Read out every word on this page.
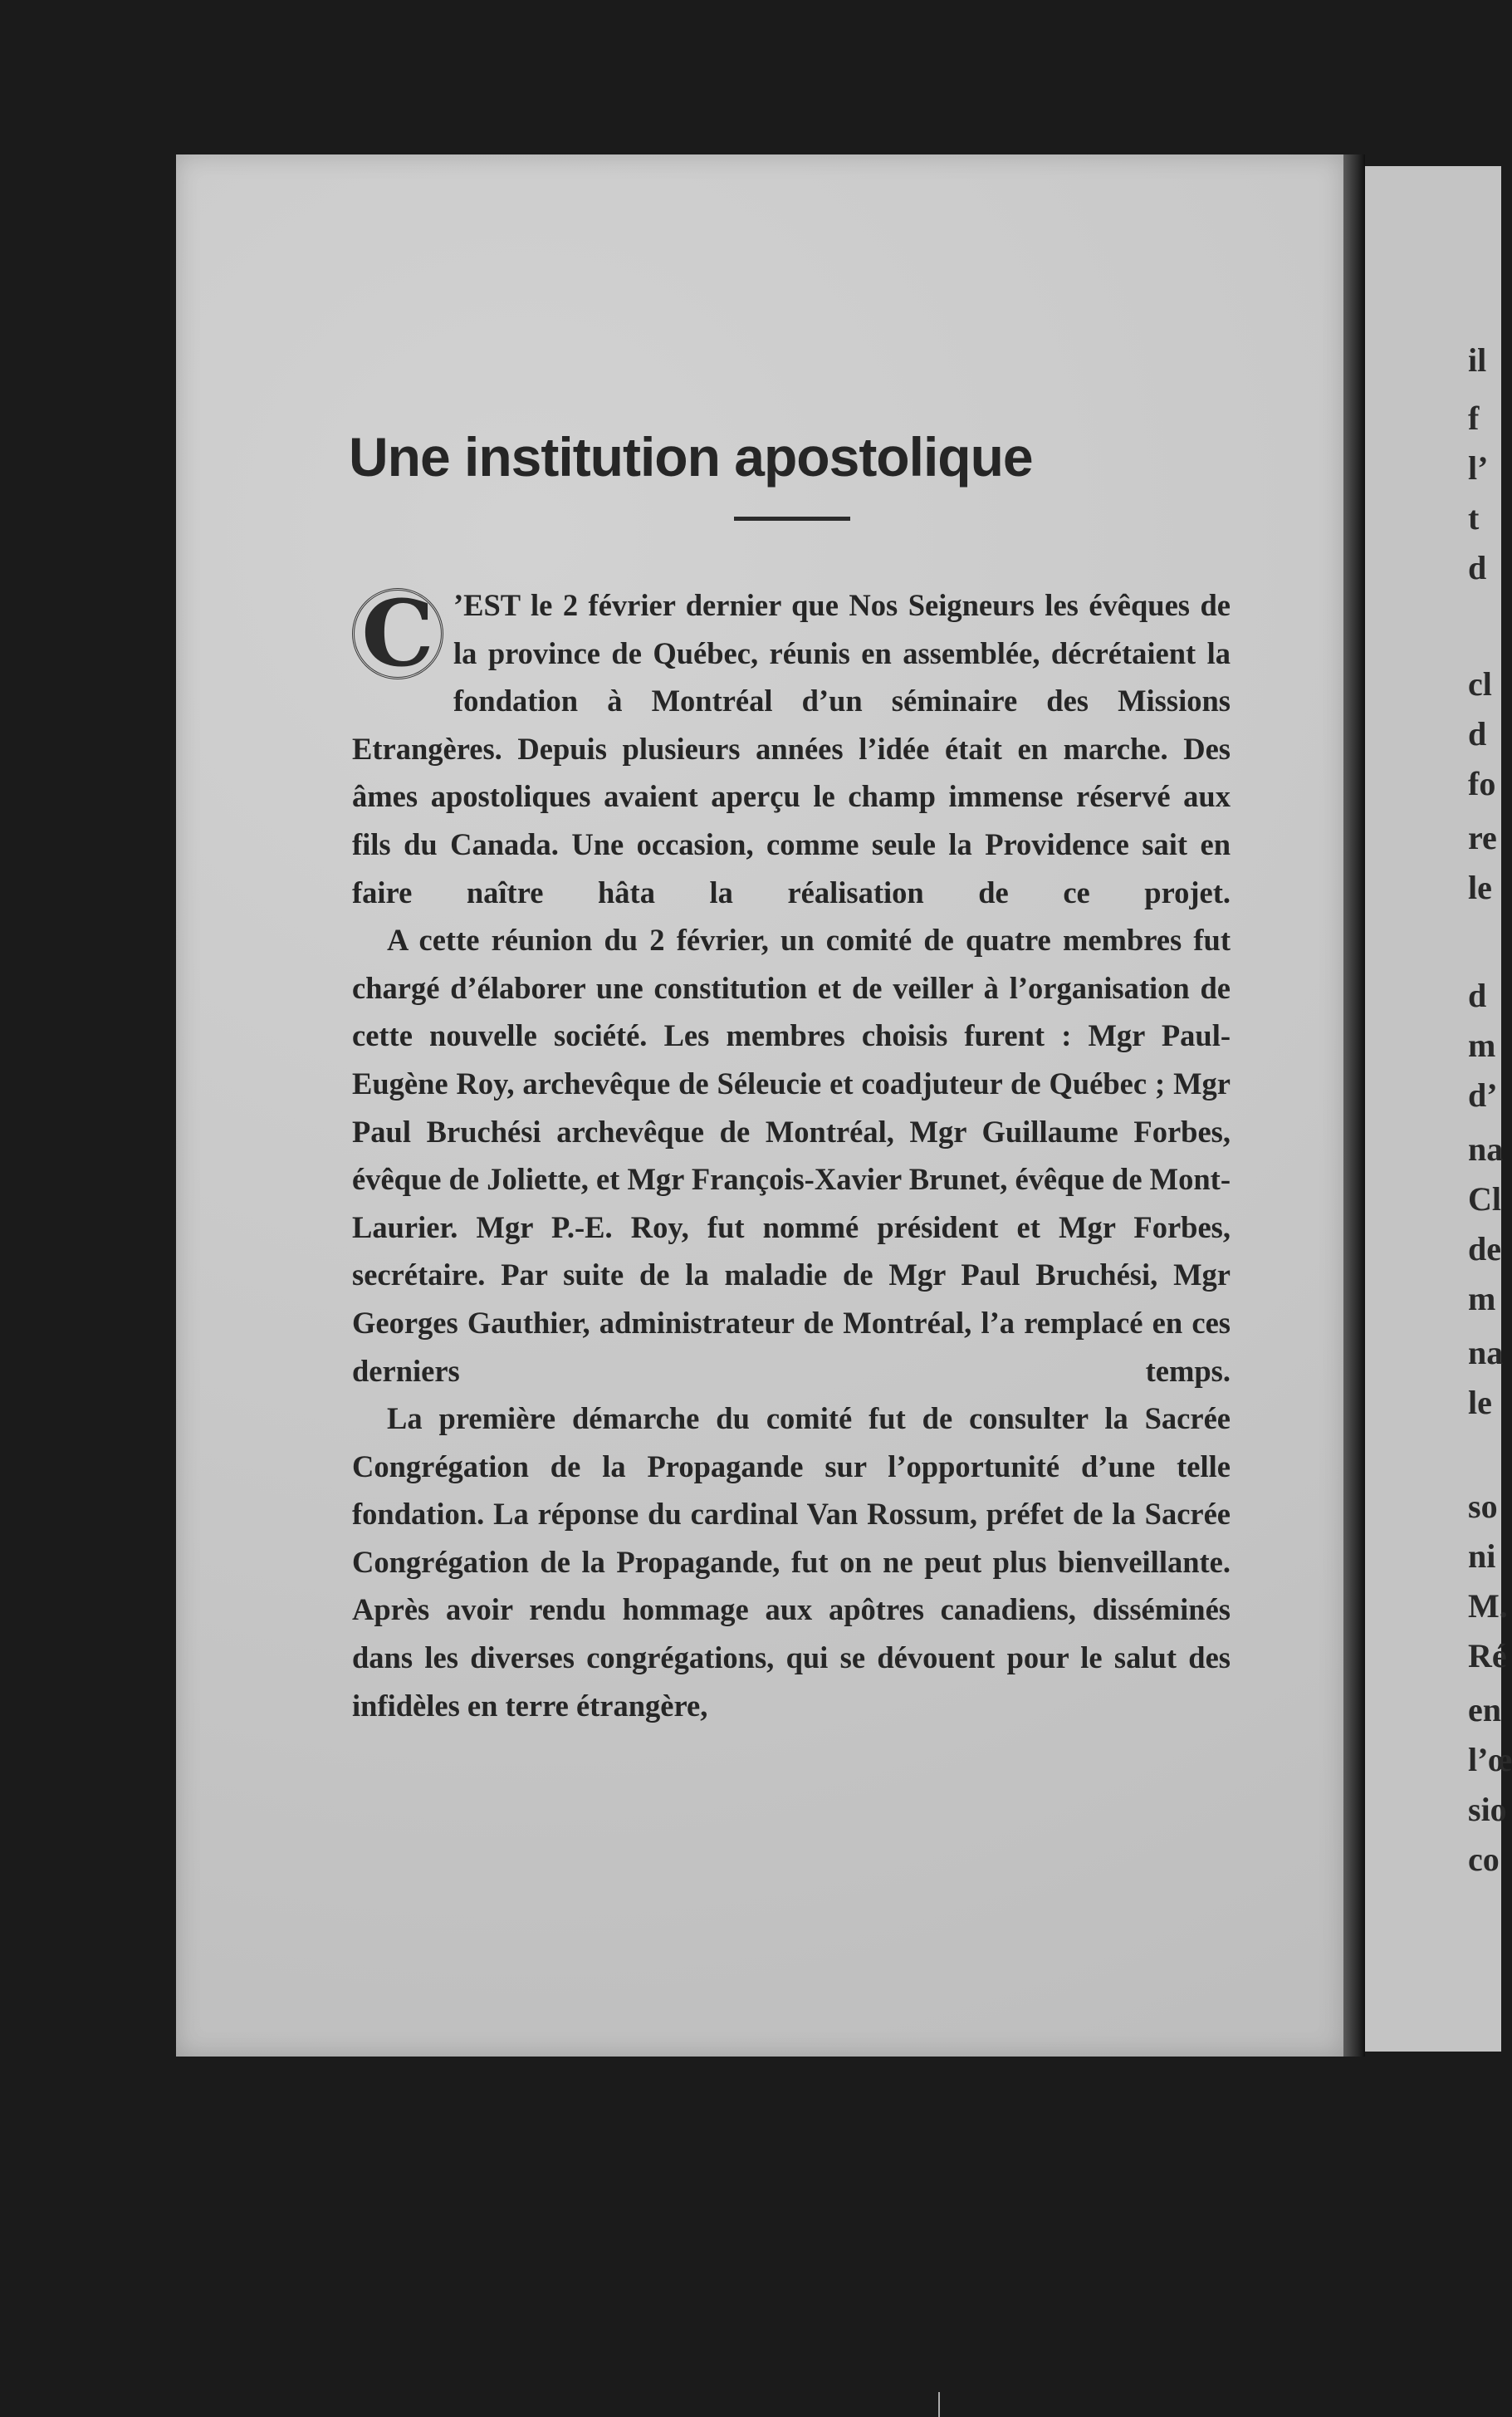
il
f
l’
t
d
cl
d
fo
re
le
d
m
d’
na
Cl
de
m
na
le
so
ni
M.
Ré
en
l’œ
sio
co
Une institution apostolique

C ’EST le 2 février dernier que Nos Seigneurs les évêques de la province de Québec, réunis en assemblée, décrétaient la fondation à Montréal d’un séminaire des Missions Etrangères. Depuis plusieurs années l’idée était en marche. Des âmes apostoliques avaient aperçu le champ immense réservé aux fils du Canada. Une occasion, comme seule la Providence sait en faire naître hâta la réalisation de ce projet.

A cette réunion du 2 février, un comité de quatre membres fut chargé d’élaborer une constitution et de veiller à l’organisation de cette nouvelle société. Les membres choisis furent : Mgr Paul-Eugène Roy, archevêque de Séleucie et coadjuteur de Québec ; Mgr Paul Bruchési archevêque de Montréal, Mgr Guillaume Forbes, évêque de Joliette, et Mgr François-Xavier Brunet, évêque de Mont-Laurier. Mgr P.-E. Roy, fut nommé président et Mgr Forbes, secrétaire. Par suite de la maladie de Mgr Paul Bruchési, Mgr Georges Gauthier, administrateur de Montréal, l’a remplacé en ces derniers temps.

La première démarche du comité fut de consulter la Sacrée Congrégation de la Propagande sur l’opportunité d’une telle fondation. La réponse du cardinal Van Rossum, préfet de la Sacrée Congrégation de la Propagande, fut on ne peut plus bienveillante. Après avoir rendu hommage aux apôtres canadiens, disséminés dans les diverses congrégations, qui se dévouent pour le salut des infidèles en terre étrangère,
